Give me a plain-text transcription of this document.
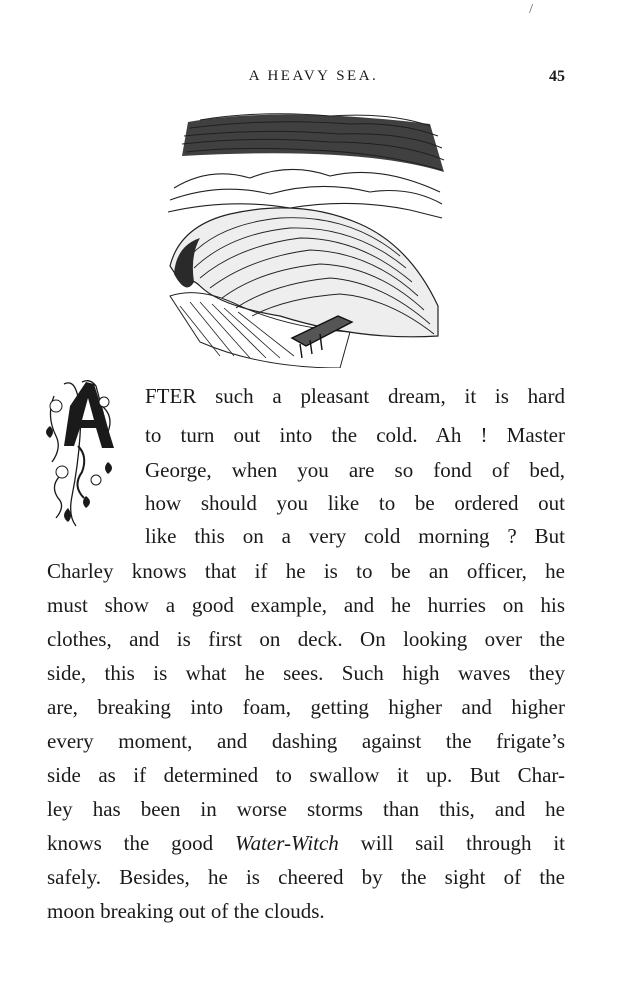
A HEAVY SEA.	45
/
FTER such a pleasant dream, it is hard
to turn out into the cold. Ah ! Master
George, when you are so fond of bed,
how should you like to be ordered out
like this on a very cold morning ? But
Charley knows that if he is to be an officer, he
must show a good example, and he hurries on his
clothes, and is first on deck. On looking over the
side, this is what he sees. Such high waves they
are, breaking into foam, getting higher and higher
every moment, and dashing against the frigate’s
side as if determined to swallow it up. But Char-
ley has been in worse storms than this, and he
knows the good Water-Witch will sail through it
safely. Besides, he is cheered by the sight of the
moon breaking out of the clouds.
